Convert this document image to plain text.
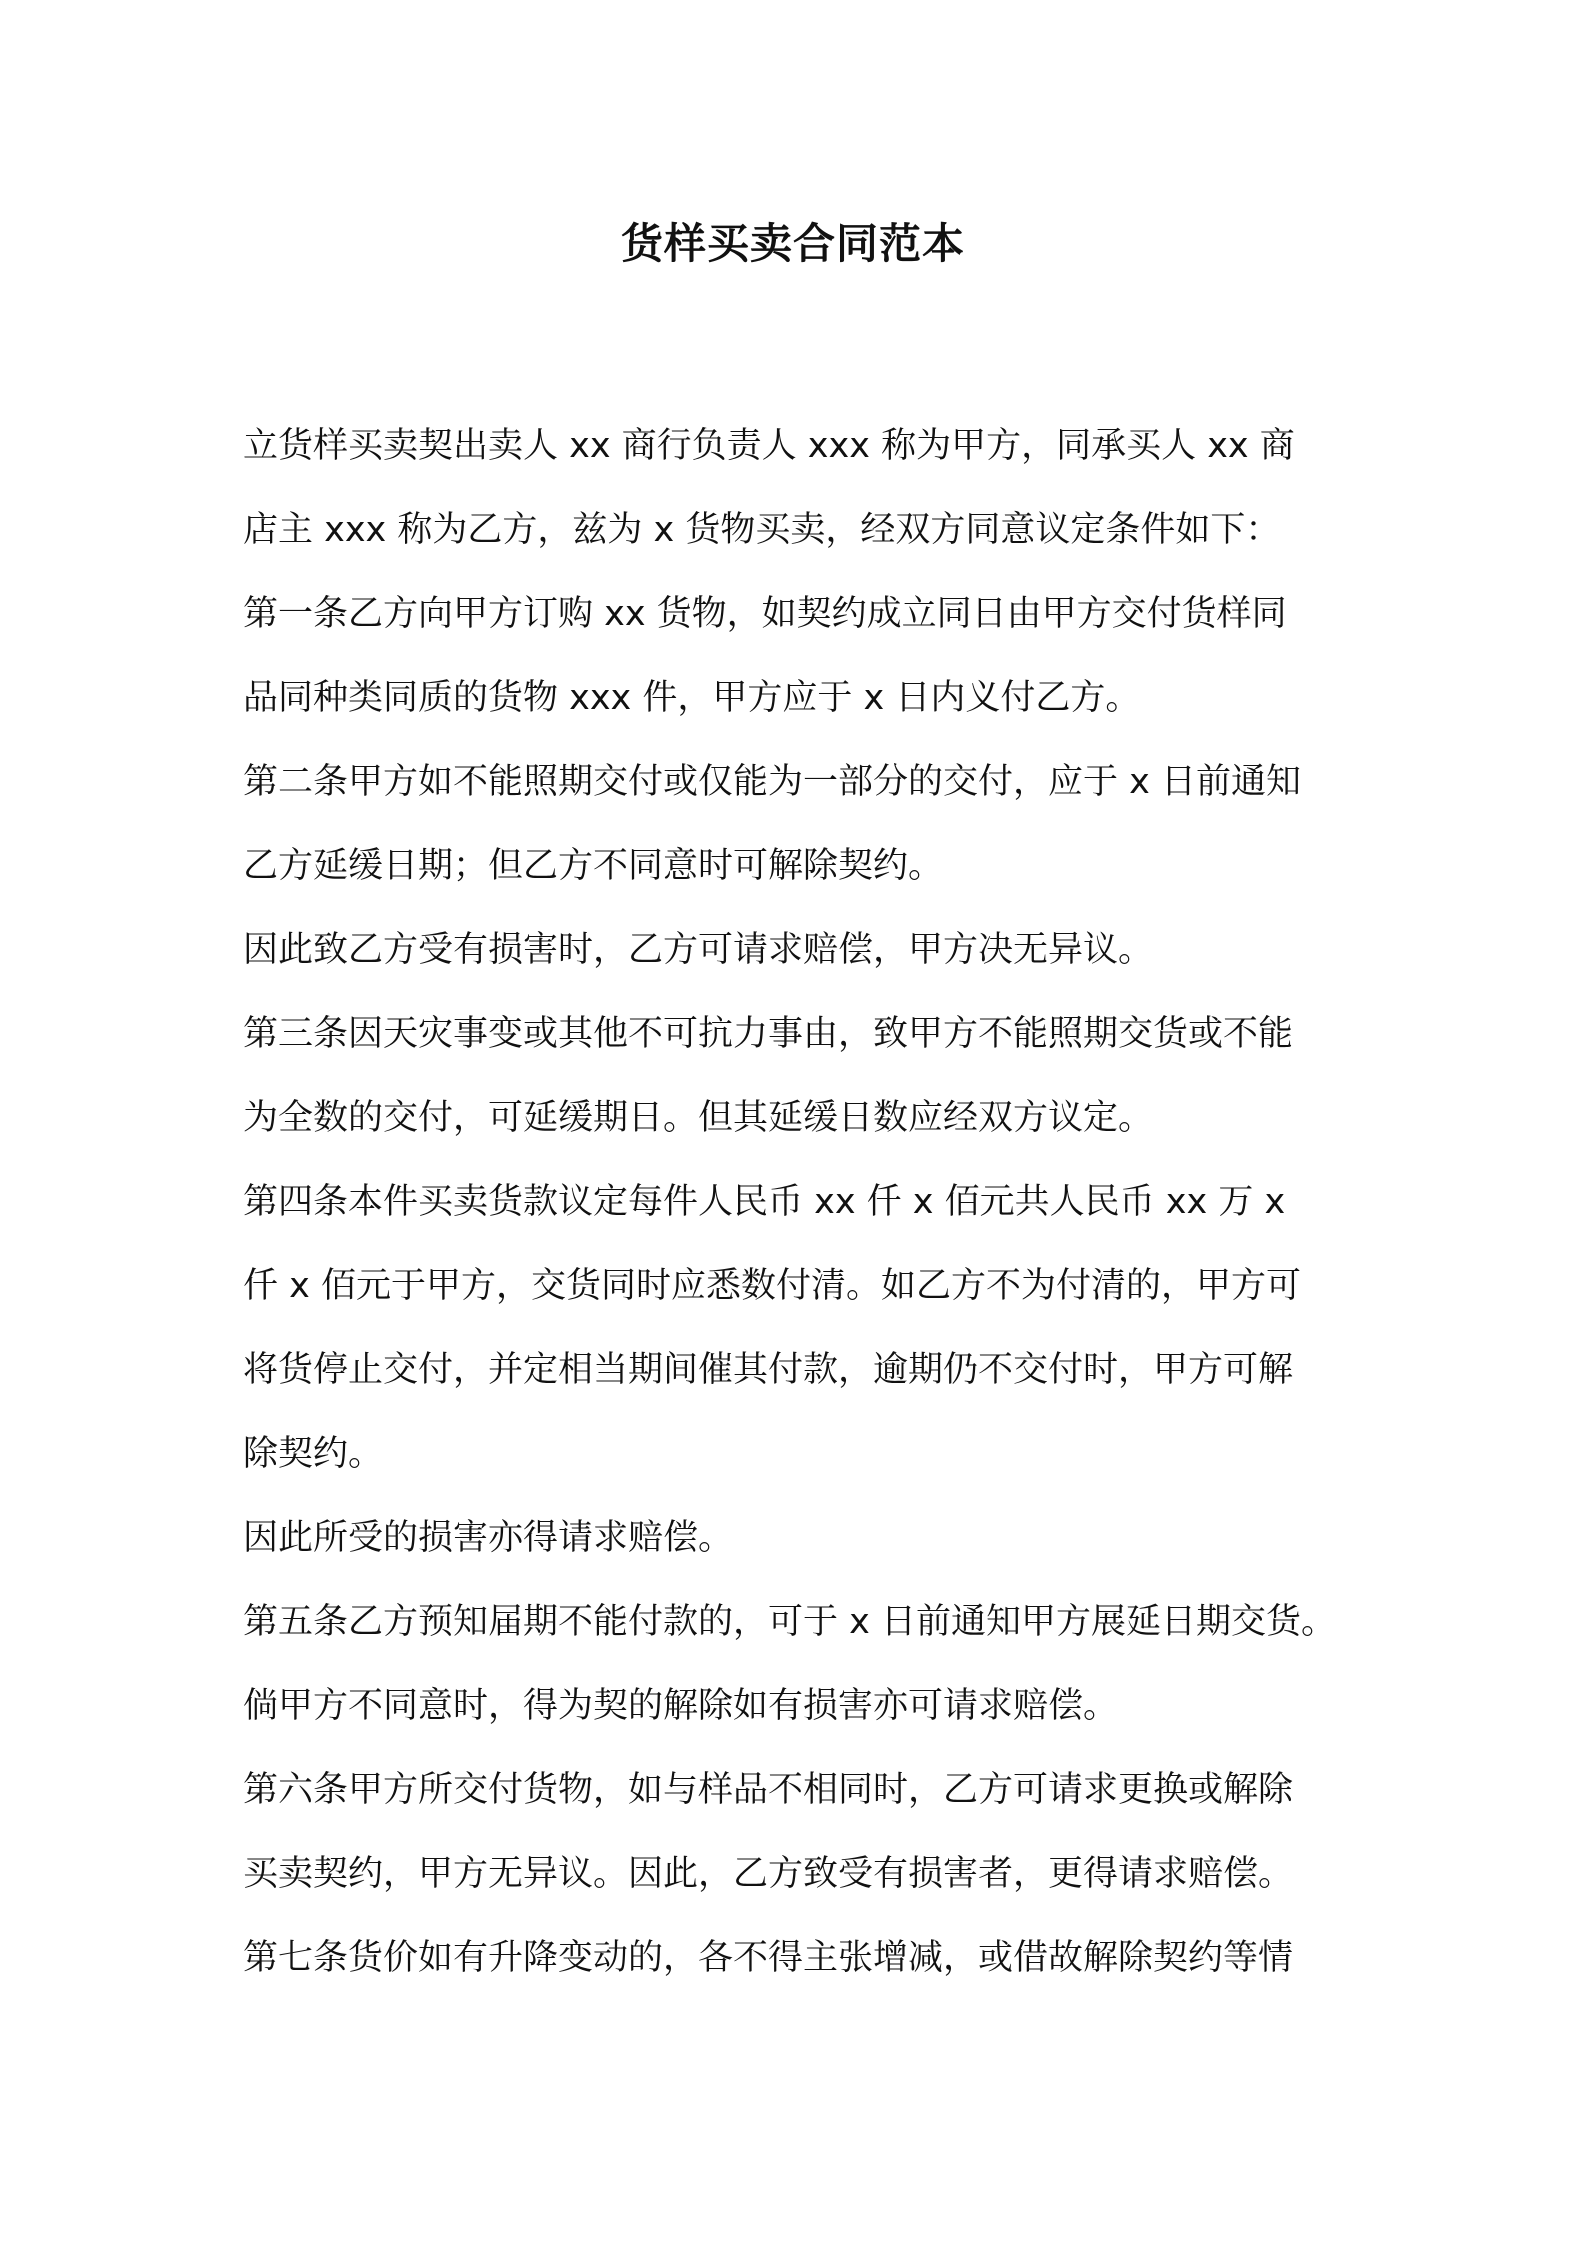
货样买卖合同范本
立货样买卖契出卖人 xx 商行负责人 xxx 称为甲方，同承买人 xx 商
店主 xxx 称为乙方，兹为 x 货物买卖，经双方同意议定条件如下：
第一条乙方向甲方订购 xx 货物，如契约成立同日由甲方交付货样同
品同种类同质的货物 xxx 件，甲方应于 x 日内义付乙方。
第二条甲方如不能照期交付或仅能为一部分的交付，应于 x 日前通知
乙方延缓日期；但乙方不同意时可解除契约。
因此致乙方受有损害时，乙方可请求赔偿，甲方决无异议。
第三条因天灾事变或其他不可抗力事由，致甲方不能照期交货或不能
为全数的交付，可延缓期日。但其延缓日数应经双方议定。
第四条本件买卖货款议定每件人民币 xx 仟 x 佰元共人民币 xx 万 x
仟 x 佰元于甲方，交货同时应悉数付清。如乙方不为付清的，甲方可
将货停止交付，并定相当期间催其付款，逾期仍不交付时，甲方可解
除契约。
因此所受的损害亦得请求赔偿。
第五条乙方预知届期不能付款的，可于 x 日前通知甲方展延日期交货。
倘甲方不同意时，得为契的解除如有损害亦可请求赔偿。
第六条甲方所交付货物，如与样品不相同时，乙方可请求更换或解除
买卖契约，甲方无异议。因此，乙方致受有损害者，更得请求赔偿。
第七条货价如有升降变动的，各不得主张增减，或借故解除契约等情
